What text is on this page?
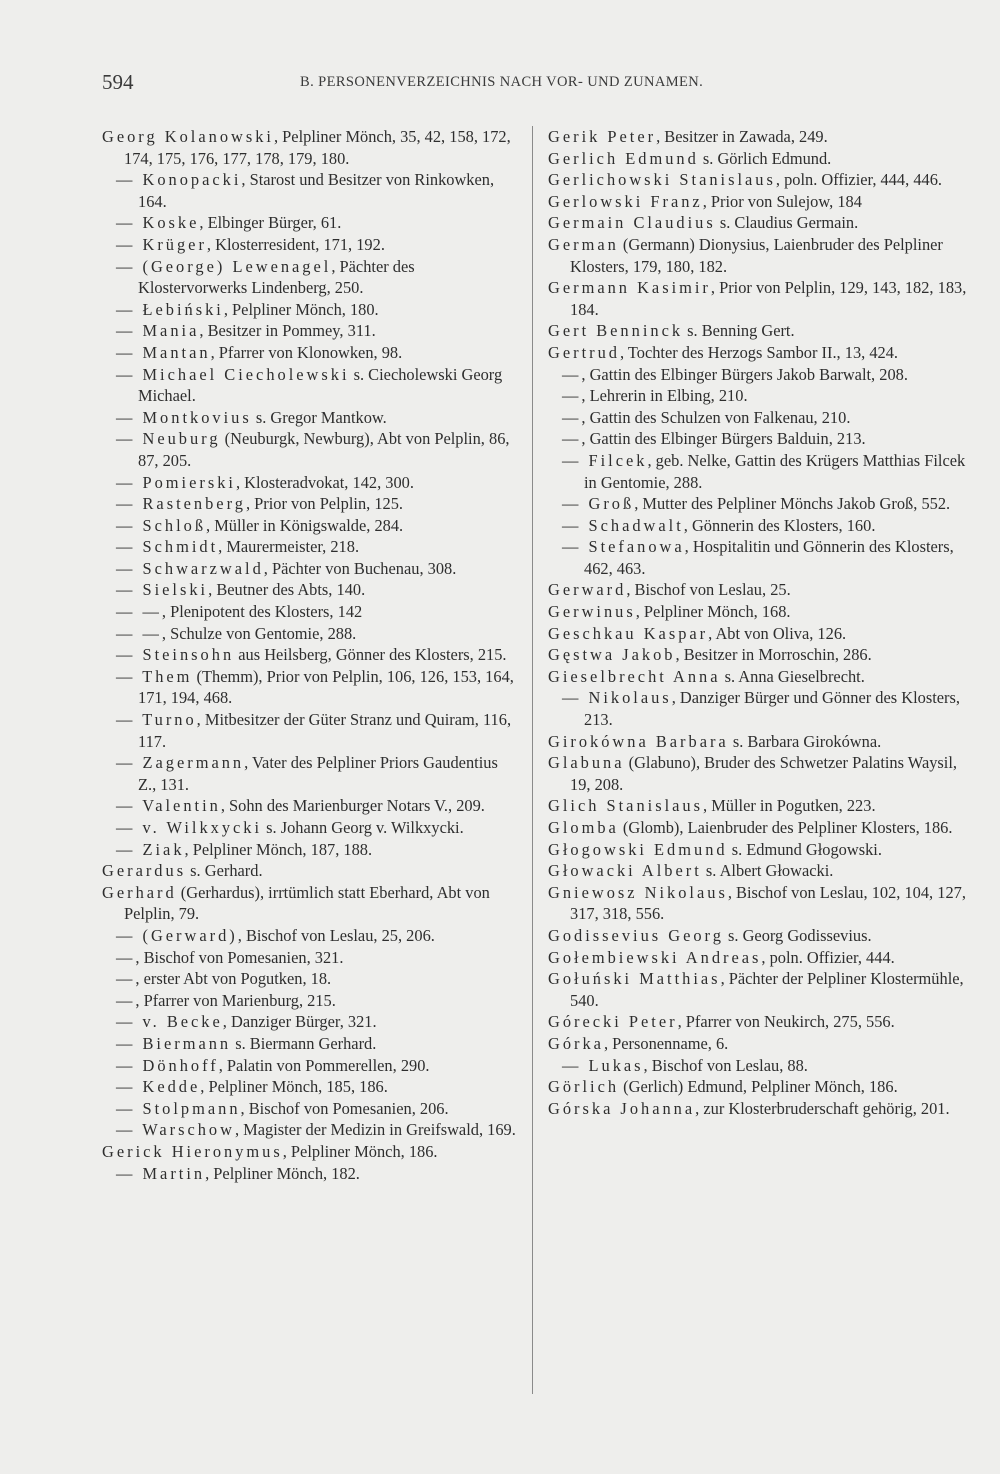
594	B. PERSONENVERZEICHNIS NACH VOR- UND ZUNAMEN.

Georg Kolanowski, Pelpliner Mönch, 35, 42, 158, 172, 174, 175, 176, 177, 178, 179, 180.

— Konopacki, Starost und Besitzer von Rinkowken, 164.

— Koske, Elbinger Bürger, 61.

— Krüger, Klosterresident, 171, 192.

— (George) Lewenagel, Pächter des Klostervorwerks Lindenberg, 250.

— Łebiński, Pelpliner Mönch, 180.

— Mania, Besitzer in Pommey, 311.

— Mantan, Pfarrer von Klonowken, 98.

— Michael Ciecholewski s. Ciecholewski Georg Michael.

— Montkovius s. Gregor Mantkow.

— Neuburg (Neuburgk, Newburg), Abt von Pelplin, 86, 87, 205.

— Pomierski, Klosteradvokat, 142, 300.

— Rastenberg, Prior von Pelplin, 125.

— Schloß, Müller in Königswalde, 284.

— Schmidt, Maurermeister, 218.

— Schwarzwald, Pächter von Buchenau, 308.

— Sielski, Beutner des Abts, 140.

— —, Plenipotent des Klosters, 142

— —, Schulze von Gentomie, 288.

— Steinsohn aus Heilsberg, Gönner des Klosters, 215.

— Them (Themm), Prior von Pelplin, 106, 126, 153, 164, 171, 194, 468.

— Turno, Mitbesitzer der Güter Stranz und Quiram, 116, 117.

— Zagermann, Vater des Pelpliner Priors Gaudentius Z., 131.

— Valentin, Sohn des Marienburger Notars V., 209.

— v. Wilkxycki s. Johann Georg v. Wilkxycki.

— Ziak, Pelpliner Mönch, 187, 188.

Gerardus s. Gerhard.

Gerhard (Gerhardus), irrtümlich statt Eberhard, Abt von Pelplin, 79.

— (Gerward), Bischof von Leslau, 25, 206.

—, Bischof von Pomesanien, 321.

—, erster Abt von Pogutken, 18.

—, Pfarrer von Marienburg, 215.

— v. Becke, Danziger Bürger, 321.

— Biermann s. Biermann Gerhard.

— Dönhoff, Palatin von Pommerellen, 290.

— Kedde, Pelpliner Mönch, 185, 186.

— Stolpmann, Bischof von Pomesanien, 206.

— Warschow, Magister der Medizin in Greifswald, 169.

Gerick Hieronymus, Pelpliner Mönch, 186.

— Martin, Pelpliner Mönch, 182.

Gerik Peter, Besitzer in Zawada, 249.

Gerlich Edmund s. Görlich Edmund.

Gerlichowski Stanislaus, poln. Offizier, 444, 446.

Gerlowski Franz, Prior von Sulejow, 184

Germain Claudius s. Claudius Germain.

German (Germann) Dionysius, Laienbruder des Pelpliner Klosters, 179, 180, 182.

Germann Kasimir, Prior von Pelplin, 129, 143, 182, 183, 184.

Gert Benninck s. Benning Gert.

Gertrud, Tochter des Herzogs Sambor II., 13, 424.

—, Gattin des Elbinger Bürgers Jakob Barwalt, 208.

—, Lehrerin in Elbing, 210.

—, Gattin des Schulzen von Falkenau, 210.

—, Gattin des Elbinger Bürgers Balduin, 213.

— Filcek, geb. Nelke, Gattin des Krügers Matthias Filcek in Gentomie, 288.

— Groß, Mutter des Pelpliner Mönchs Jakob Groß, 552.

— Schadwalt, Gönnerin des Klosters, 160.

— Stefanowa, Hospitalitin und Gönnerin des Klosters, 462, 463.

Gerward, Bischof von Leslau, 25.

Gerwinus, Pelpliner Mönch, 168.

Geschkau Kaspar, Abt von Oliva, 126.

Gęstwa Jakob, Besitzer in Morroschin, 286.

Gieselbrecht Anna s. Anna Gieselbrecht.

— Nikolaus, Danziger Bürger und Gönner des Klosters, 213.

Girokówna Barbara s. Barbara Girokówna.

Glabuna (Glabuno), Bruder des Schwetzer Palatins Waysil, 19, 208.

Glich Stanislaus, Müller in Pogutken, 223.

Glomba (Glomb), Laienbruder des Pelpliner Klosters, 186.

Głogowski Edmund s. Edmund Głogowski.

Głowacki Albert s. Albert Głowacki.

Gniewosz Nikolaus, Bischof von Leslau, 102, 104, 127, 317, 318, 556.

Godissevius Georg s. Georg Godissevius.

Gołembiewski Andreas, poln. Offizier, 444.

Gołuński Matthias, Pächter der Pelpliner Klostermühle, 540.

Górecki Peter, Pfarrer von Neukirch, 275, 556.

Górka, Personenname, 6.

— Lukas, Bischof von Leslau, 88.

Görlich (Gerlich) Edmund, Pelpliner Mönch, 186.

Górska Johanna, zur Klosterbruderschaft gehörig, 201.
